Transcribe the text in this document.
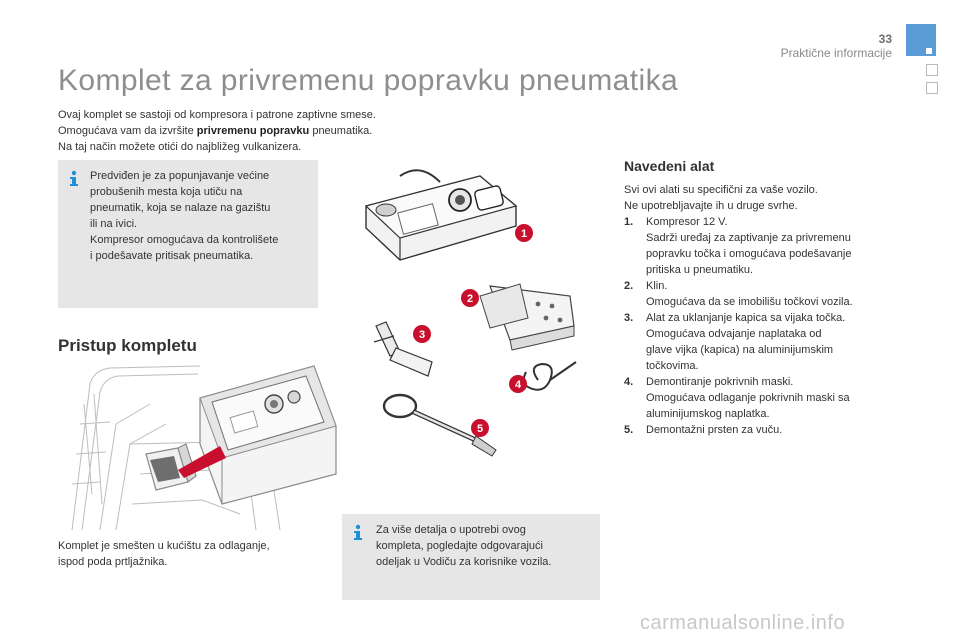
33
Praktične informacije
Komplet za privremenu popravku pneumatika

Ovaj komplet se sastoji od kompresora i patrone zaptivne smese.

Omogućava vam da izvršite privremenu popravku pneumatika.

Na taj način možete otići do najbližeg vulkanizera.

Predviđen je za popunjavanje većine

probušenih mesta koja utiču na

pneumatik, koja se nalaze na gazištu

ili na ivici.

Kompresor omogućava da kontrolišete

i podešavate pritisak pneumatika.

Pristup kompletu

Komplet je smešten u kućištu za odlaganje,

ispod poda prtljažnika.

1
2
3
4
5

Za više detalja o upotrebi ovog

kompleta, pogledajte odgovarajući

odeljak u Vodiču za korisnike vozila.

Navedeni alat

Svi ovi alati su specifični za vaše vozilo.

Ne upotrebljavajte ih u druge svrhe.

1. Kompresor 12 V.

Sadrži uređaj za zaptivanje za privremenu

popravku točka i omogućava podešavanje

pritiska u pneumatiku.

2. Klin.

Omogućava da se imobilišu točkovi vozila.

3. Alat za uklanjanje kapica sa vijaka točka.

Omogućava odvajanje naplataka od

glave vijka (kapica) na aluminijumskim

točkovima.

4. Demontiranje pokrivnih maski.

Omogućava odlaganje pokrivnih maski sa

aluminijumskog naplatka.

5. Demontažni prsten za vuču.

carmanualsonline.info
